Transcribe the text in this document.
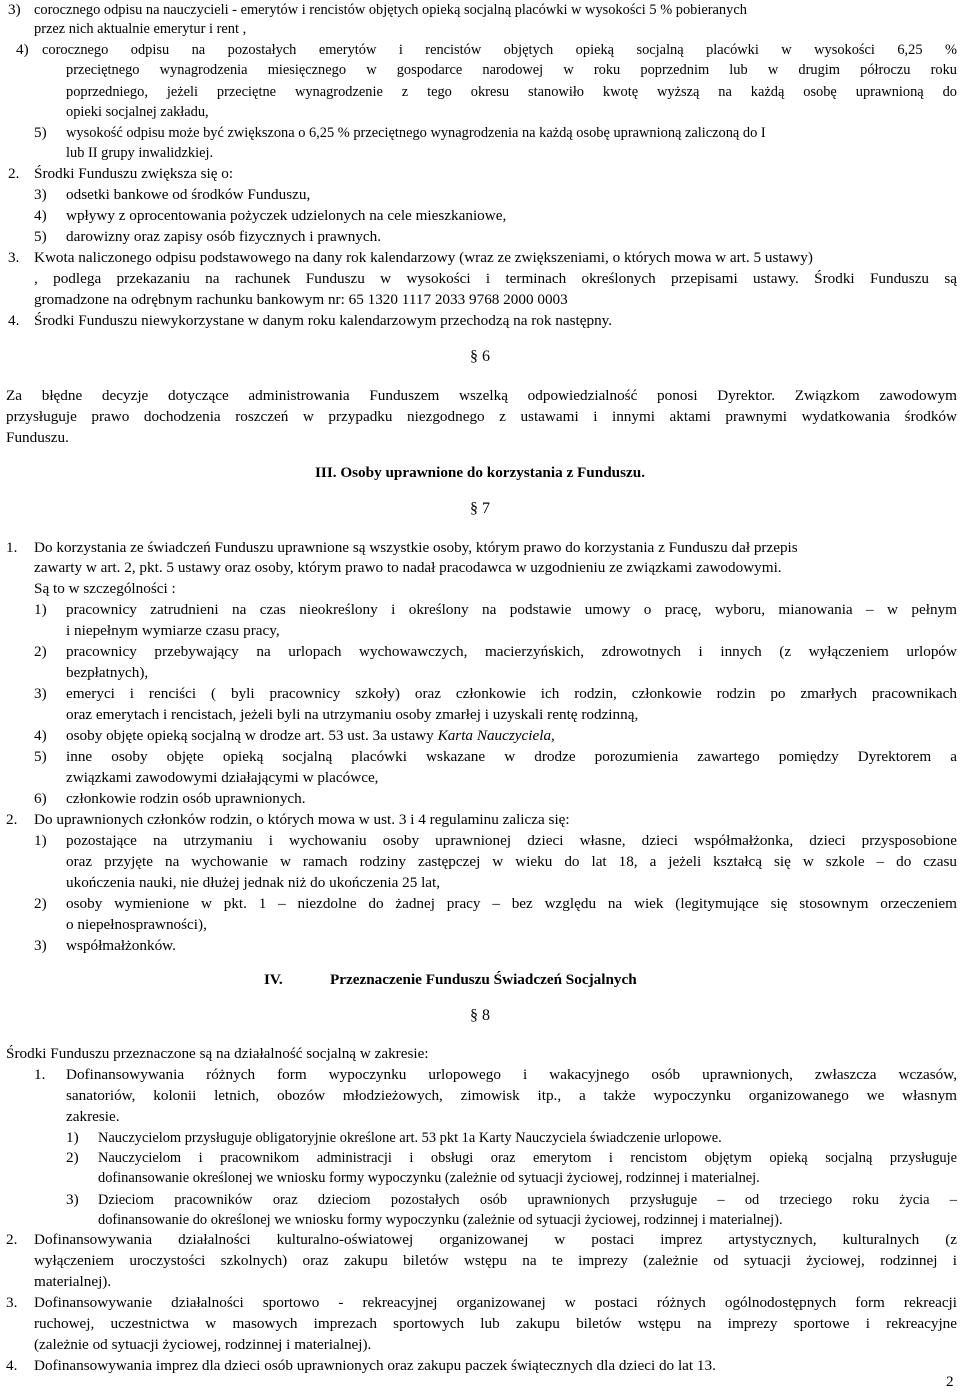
3) corocznego odpisu na nauczycieli - emerytów i rencistów objętych opieką socjalną placówki w wysokości 5 % pobieranych
przez nich aktualnie emerytur i rent ,
4) corocznego odpisu na pozostałych emerytów i rencistów objętych opieką socjalną placówki w wysokości 6,25 %
przeciętnego wynagrodzenia miesięcznego w gospodarce narodowej w roku poprzednim lub w drugim półroczu roku
poprzedniego, jeżeli przeciętne wynagrodzenie z tego okresu stanowiło kwotę wyższą na każdą osobę uprawnioną do
opieki socjalnej zakładu,
5) wysokość odpisu może być zwiększona o 6,25 % przeciętnego wynagrodzenia na każdą osobę uprawnioną zaliczoną do I
lub II grupy inwalidzkiej.
2. Środki Funduszu zwiększa się o:
3) odsetki bankowe od środków Funduszu,
4) wpływy z oprocentowania pożyczek udzielonych na cele mieszkaniowe,
5) darowizny oraz zapisy osób fizycznych i prawnych.
3. Kwota naliczonego odpisu podstawowego na dany rok kalendarzowy (wraz ze zwiększeniami, o których mowa w art. 5 ustawy)
, podlega przekazaniu na rachunek Funduszu w wysokości i terminach określonych przepisami ustawy. Środki Funduszu są
gromadzone na odrębnym rachunku bankowym nr: 65 1320 1117 2033 9768 2000 0003
4. Środki Funduszu niewykorzystane w danym roku kalendarzowym przechodzą na rok następny.
§ 6
Za błędne decyzje dotyczące administrowania Funduszem wszelką odpowiedzialność ponosi Dyrektor. Związkom zawodowym
przysługuje prawo dochodzenia roszczeń w przypadku niezgodnego z ustawami i innymi aktami prawnymi wydatkowania środków
Funduszu.
III. Osoby uprawnione do korzystania z Funduszu.
§ 7
1. Do korzystania ze świadczeń Funduszu uprawnione są wszystkie osoby, którym prawo do korzystania z Funduszu dał przepis
zawarty w art. 2, pkt. 5 ustawy oraz osoby, którym prawo to nadał pracodawca w uzgodnieniu ze związkami zawodowymi.
Są to w szczególności :
1) pracownicy zatrudnieni na czas nieokreślony i określony na podstawie umowy o pracę, wyboru, mianowania – w pełnym
i niepełnym wymiarze czasu pracy,
2) pracownicy przebywający na urlopach wychowawczych, macierzyńskich, zdrowotnych i innych (z wyłączeniem urlopów
bezpłatnych),
3) emeryci i renciści ( byli pracownicy szkoły) oraz członkowie ich rodzin, członkowie rodzin po zmarłych pracownikach
oraz emerytach i rencistach, jeżeli byli na utrzymaniu osoby zmarłej i uzyskali rentę rodzinną,
4) osoby objęte opieką socjalną w drodze art. 53 ust. 3a ustawy Karta Nauczyciela,
5) inne osoby objęte opieką socjalną placówki wskazane w drodze porozumienia zawartego pomiędzy Dyrektorem a
związkami zawodowymi działającymi w placówce,
6) członkowie rodzin osób uprawnionych.
2. Do uprawnionych członków rodzin, o których mowa w ust. 3 i 4 regulaminu zalicza się:
1) pozostające na utrzymaniu i wychowaniu osoby uprawnionej dzieci własne, dzieci współmałżonka, dzieci przysposobione
oraz przyjęte na wychowanie w ramach rodziny zastępczej w wieku do lat 18, a jeżeli kształcą się w szkole – do czasu
ukończenia nauki, nie dłużej jednak niż do ukończenia 25 lat,
2) osoby wymienione w pkt. 1 – niezdolne do żadnej pracy – bez względu na wiek (legitymujące się stosownym orzeczeniem
o niepełnosprawności),
3) współmałżonków.
IV.	Przeznaczenie Funduszu Świadczeń Socjalnych
§ 8
Środki Funduszu przeznaczone są na działalność socjalną w zakresie:
1. Dofinansowywania różnych form wypoczynku urlopowego i wakacyjnego osób uprawnionych, zwłaszcza wczasów,
sanatoriów, kolonii letnich, obozów młodzieżowych, zimowisk itp., a także wypoczynku organizowanego we własnym
zakresie.
1) Nauczycielom przysługuje obligatoryjnie określone art. 53 pkt 1a Karty Nauczyciela świadczenie urlopowe.
2) Nauczycielom i pracownikom administracji i obsługi oraz emerytom i rencistom objętym opieką socjalną przysługuje
dofinansowanie określonej we wniosku formy wypoczynku (zależnie od sytuacji życiowej, rodzinnej i materialnej.
3) Dzieciom pracowników oraz dzieciom pozostałych osób uprawnionych przysługuje – od trzeciego roku życia –
dofinansowanie do określonej we wniosku formy wypoczynku (zależnie od sytuacji życiowej, rodzinnej i materialnej).
2. Dofinansowywania działalności kulturalno-oświatowej organizowanej w postaci imprez artystycznych, kulturalnych (z
wyłączeniem uroczystości szkolnych) oraz zakupu biletów wstępu na te imprezy (zależnie od sytuacji życiowej, rodzinnej i
materialnej).
3. Dofinansowywanie działalności sportowo - rekreacyjnej organizowanej w postaci różnych ogólnodostępnych form rekreacji
ruchowej, uczestnictwa w masowych imprezach sportowych lub zakupu biletów wstępu na imprezy sportowe i rekreacyjne
(zależnie od sytuacji życiowej, rodzinnej i materialnej).
4. Dofinansowywania imprez dla dzieci osób uprawnionych oraz zakupu paczek świątecznych dla dzieci do lat 13.
2
